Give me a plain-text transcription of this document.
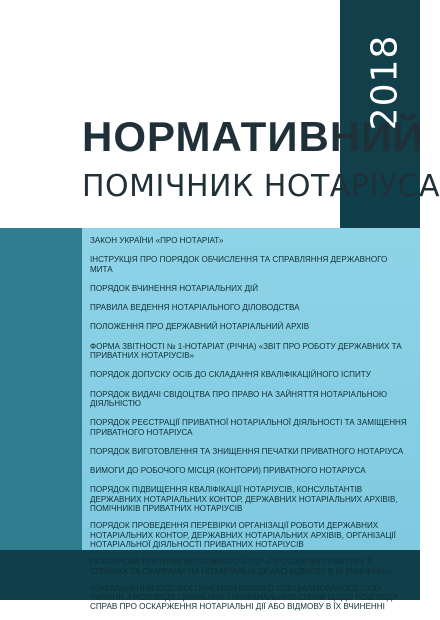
2018
НОРМАТИВНИЙ
ПОМІЧНИК НОТАРІУСА
ЗАКОН УКРАЇНИ «ПРО НОТАРІАТ»
ІНСТРУКЦІЯ ПРО ПОРЯДОК ОБЧИСЛЕННЯ ТА СПРАВЛЯННЯ ДЕРЖАВНОГО МИТА
ПОРЯДОК ВЧИНЕННЯ НОТАРІАЛЬНИХ ДІЙ
ПРАВИЛА ВЕДЕННЯ НОТАРІАЛЬНОГО ДІЛОВОДСТВА
ПОЛОЖЕННЯ ПРО ДЕРЖАВНИЙ НОТАРІАЛЬНИЙ АРХІВ
ФОРМА ЗВІТНОСТІ № 1-НОТАРІАТ (РІЧНА) «ЗВІТ ПРО РОБОТУ ДЕРЖАВНИХ ТА ПРИВАТНИХ НОТАРІУСІВ»
ПОРЯДОК ДОПУСКУ ОСІБ ДО СКЛАДАННЯ КВАЛІФІКАЦІЙНОГО ІСПИТУ
ПОРЯДОК ВИДАЧІ СВІДОЦТВА ПРО ПРАВО НА ЗАЙНЯТТЯ НОТАРІАЛЬНОЮ ДІЯЛЬНІСТЮ
ПОРЯДОК РЕЄСТРАЦІЇ ПРИВАТНОЇ НОТАРІАЛЬНОЇ ДІЯЛЬНОСТІ ТА ЗАМІЩЕННЯ ПРИВАТНОГО НОТАРІУСА
ПОРЯДОК ВИГОТОВЛЕННЯ ТА ЗНИЩЕННЯ ПЕЧАТКИ ПРИВАТНОГО НОТАРІУСА
ВИМОГИ ДО РОБОЧОГО МІСЦЯ (КОНТОРИ) ПРИВАТНОГО НОТАРІУСА
ПОРЯДОК ПІДВИЩЕННЯ КВАЛІФІКАЦІЇ НОТАРІУСІВ, КОНСУЛЬТАНТІВ ДЕРЖАВНИХ НОТАРІАЛЬНИХ КОНТОР, ДЕРЖАВНИХ НОТАРІАЛЬНИХ АРХІВІВ, ПОМІЧНИКІВ ПРИВАТНИХ НОТАРІУСІВ
ПОРЯДОК ПРОВЕДЕННЯ ПЕРЕВІРКИ ОРГАНІЗАЦІЇ РОБОТИ ДЕРЖАВНИХ НОТАРІАЛЬНИХ КОНТОР, ДЕРЖАВНИХ НОТАРІАЛЬНИХ АРХІВІВ, ОРГАНІЗАЦІЇ НОТАРІАЛЬНОЇ ДІЯЛЬНОСТІ ПРИВАТНИХ НОТАРІУСІВ
ПОСТАНОВА ПЛЕНУМУ ВЕРХОВНОГО СУДУ «ПРО СУДОВУ ПРАКТИКУ В СПРАВАХ ЗА СКАРГАМИ НА НОТАРІАЛЬНІ ДІЇ АБО ВІДМОВУ В ЇХ ВЧИНЕННІ»
УЗАГАЛЬНЕННЯ СУДОВОЇ ПРАКТИКИ ВИЩОГО СПЕЦІАЛІЗОВАНОГО СУДУ УКРАЇНИ З РОЗГЛЯДУ ЦИВІЛЬНИХ І КРИМІНАЛЬНИХ СПРАВ ЩОДО РОЗГЛЯДУ СПРАВ ПРО ОСКАРЖЕННЯ НОТАРІАЛЬНІ ДІЇ АБО ВІДМОВУ В ЇХ ВЧИНЕННІ
